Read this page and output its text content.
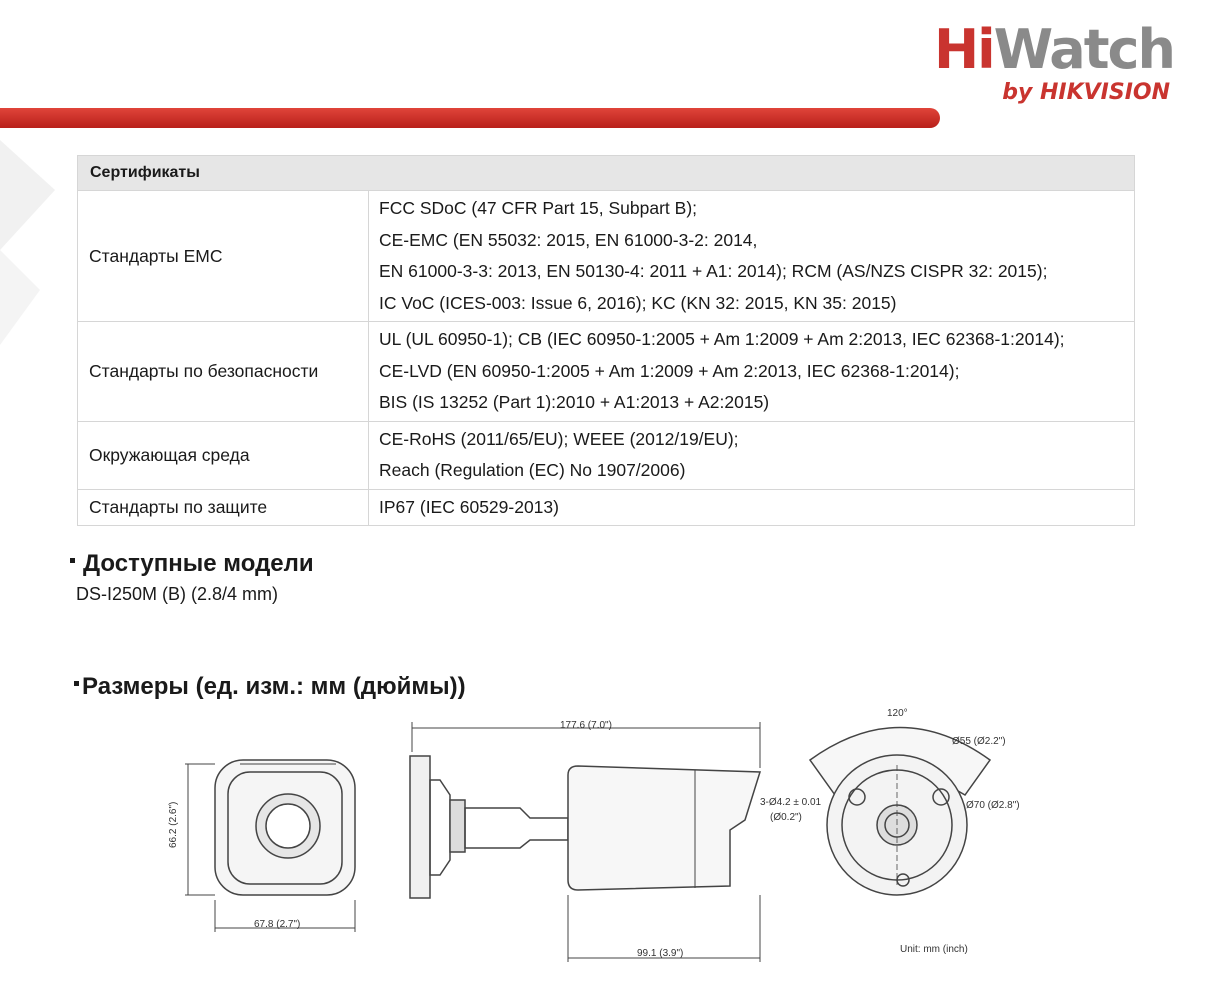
HiWatch
by HIKVISION
Сертификаты	
Стандарты EMC	FCC SDoC (47 CFR Part 15, Subpart B);
CE-EMC (EN 55032: 2015, EN 61000-3-2: 2014,
EN 61000-3-3: 2013, EN 50130-4: 2011 + A1: 2014); RCM (AS/NZS CISPR 32: 2015);
IC VoC (ICES-003: Issue 6, 2016); KC (KN 32: 2015, KN 35: 2015)

Стандарты по безопасности	UL (UL 60950-1); CB (IEC 60950-1:2005 + Am 1:2009 + Am 2:2013, IEC 62368-1:2014);
CE-LVD (EN 60950-1:2005 + Am 1:2009 + Am 2:2013, IEC 62368-1:2014);
BIS (IS 13252 (Part 1):2010 + A1:2013 + A2:2015)

Окружающая среда	CE-RoHS (2011/65/EU); WEEE (2012/19/EU);
Reach (Regulation (EC) No 1907/2006)

Стандарты по защите	IP67 (IEC 60529-2013)
Доступные модели
DS-I250M (B) (2.8/4 mm)
Размеры (ед. изм.: мм (дюймы))
66.2 (2.6")
67.8 (2.7")
177.6 (7.0")
99.1 (3.9")
120°
Ø55 (Ø2.2")
Ø70 (Ø2.8")
3-Ø4.2 ± 0.01
(Ø0.2")
Unit: mm (inch)
